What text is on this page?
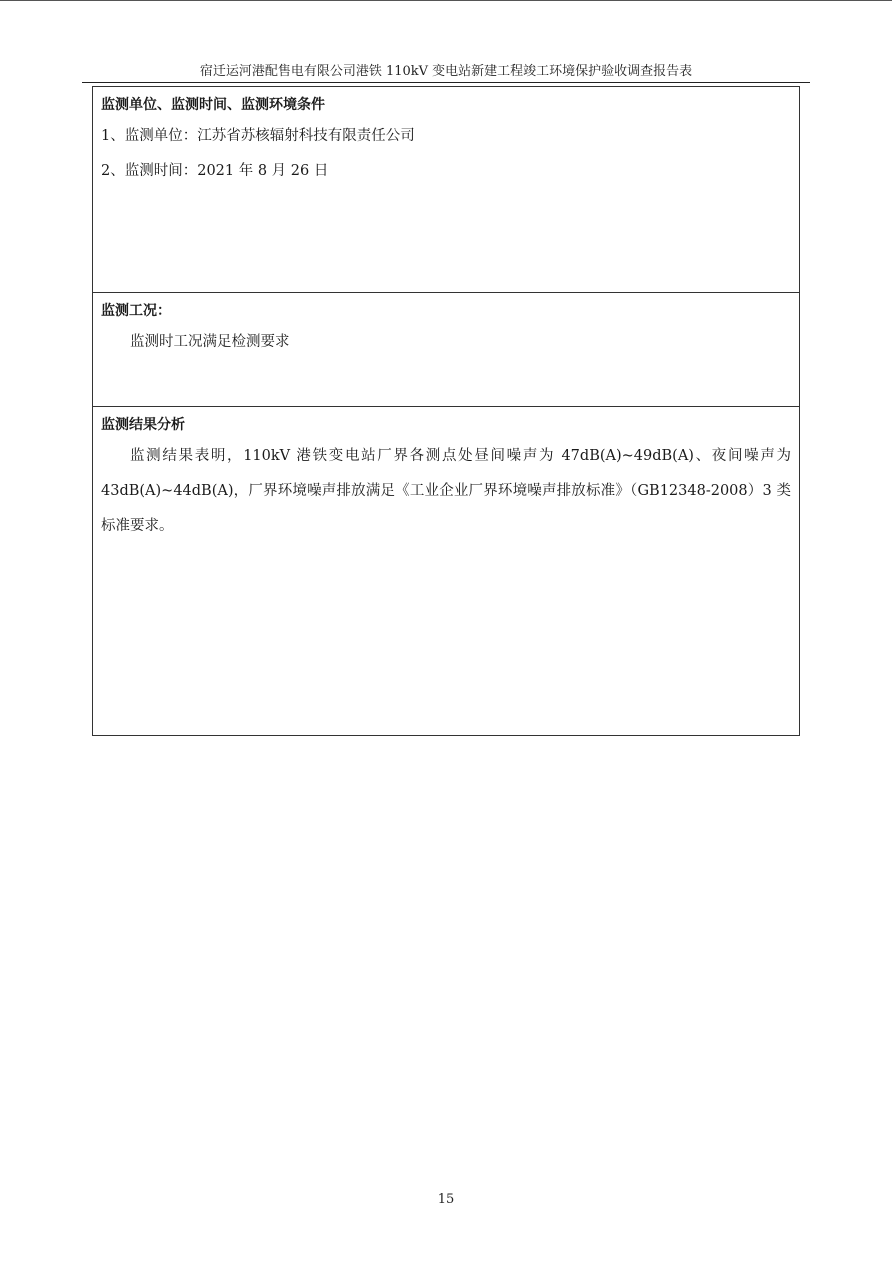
宿迁运河港配售电有限公司港铁 110kV 变电站新建工程竣工环境保护验收调查报告表
监测单位、监测时间、监测环境条件

1、监测单位：江苏省苏核辐射科技有限责任公司

2、监测时间：2021 年 8 月 26 日

监测工况：

监测时工况满足检测要求

监测结果分析

监测结果表明，110kV 港铁变电站厂界各测点处昼间噪声为 47dB(A)~49dB(A)、夜间噪声为 43dB(A)~44dB(A)，厂界环境噪声排放满足《工业企业厂界环境噪声排放标准》（GB12348-2008）3 类标准要求。

15
